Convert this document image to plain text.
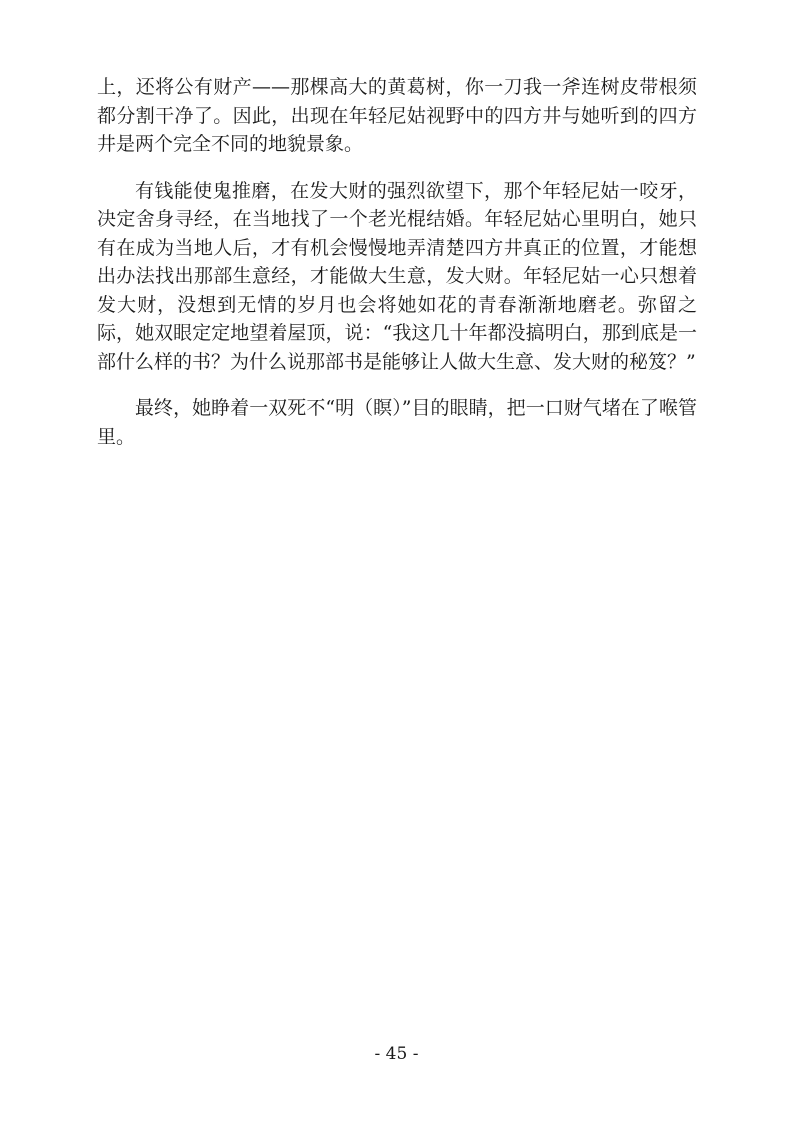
上，还将公有财产——那棵高大的黄葛树，你一刀我一斧连树皮带根须都分割干净了。因此，出现在年轻尼姑视野中的四方井与她听到的四方井是两个完全不同的地貌景象。

有钱能使鬼推磨，在发大财的强烈欲望下，那个年轻尼姑一咬牙，决定舍身寻经，在当地找了一个老光棍结婚。年轻尼姑心里明白，她只有在成为当地人后，才有机会慢慢地弄清楚四方井真正的位置，才能想出办法找出那部生意经，才能做大生意，发大财。年轻尼姑一心只想着发大财，没想到无情的岁月也会将她如花的青春渐渐地磨老。弥留之际，她双眼定定地望着屋顶，说：“我这几十年都没搞明白，那到底是一部什么样的书？为什么说那部书是能够让人做大生意、发大财的秘笈？”

最终，她睁着一双死不“明（瞑）”目的眼睛，把一口财气堵在了喉管里。

- 45 -
